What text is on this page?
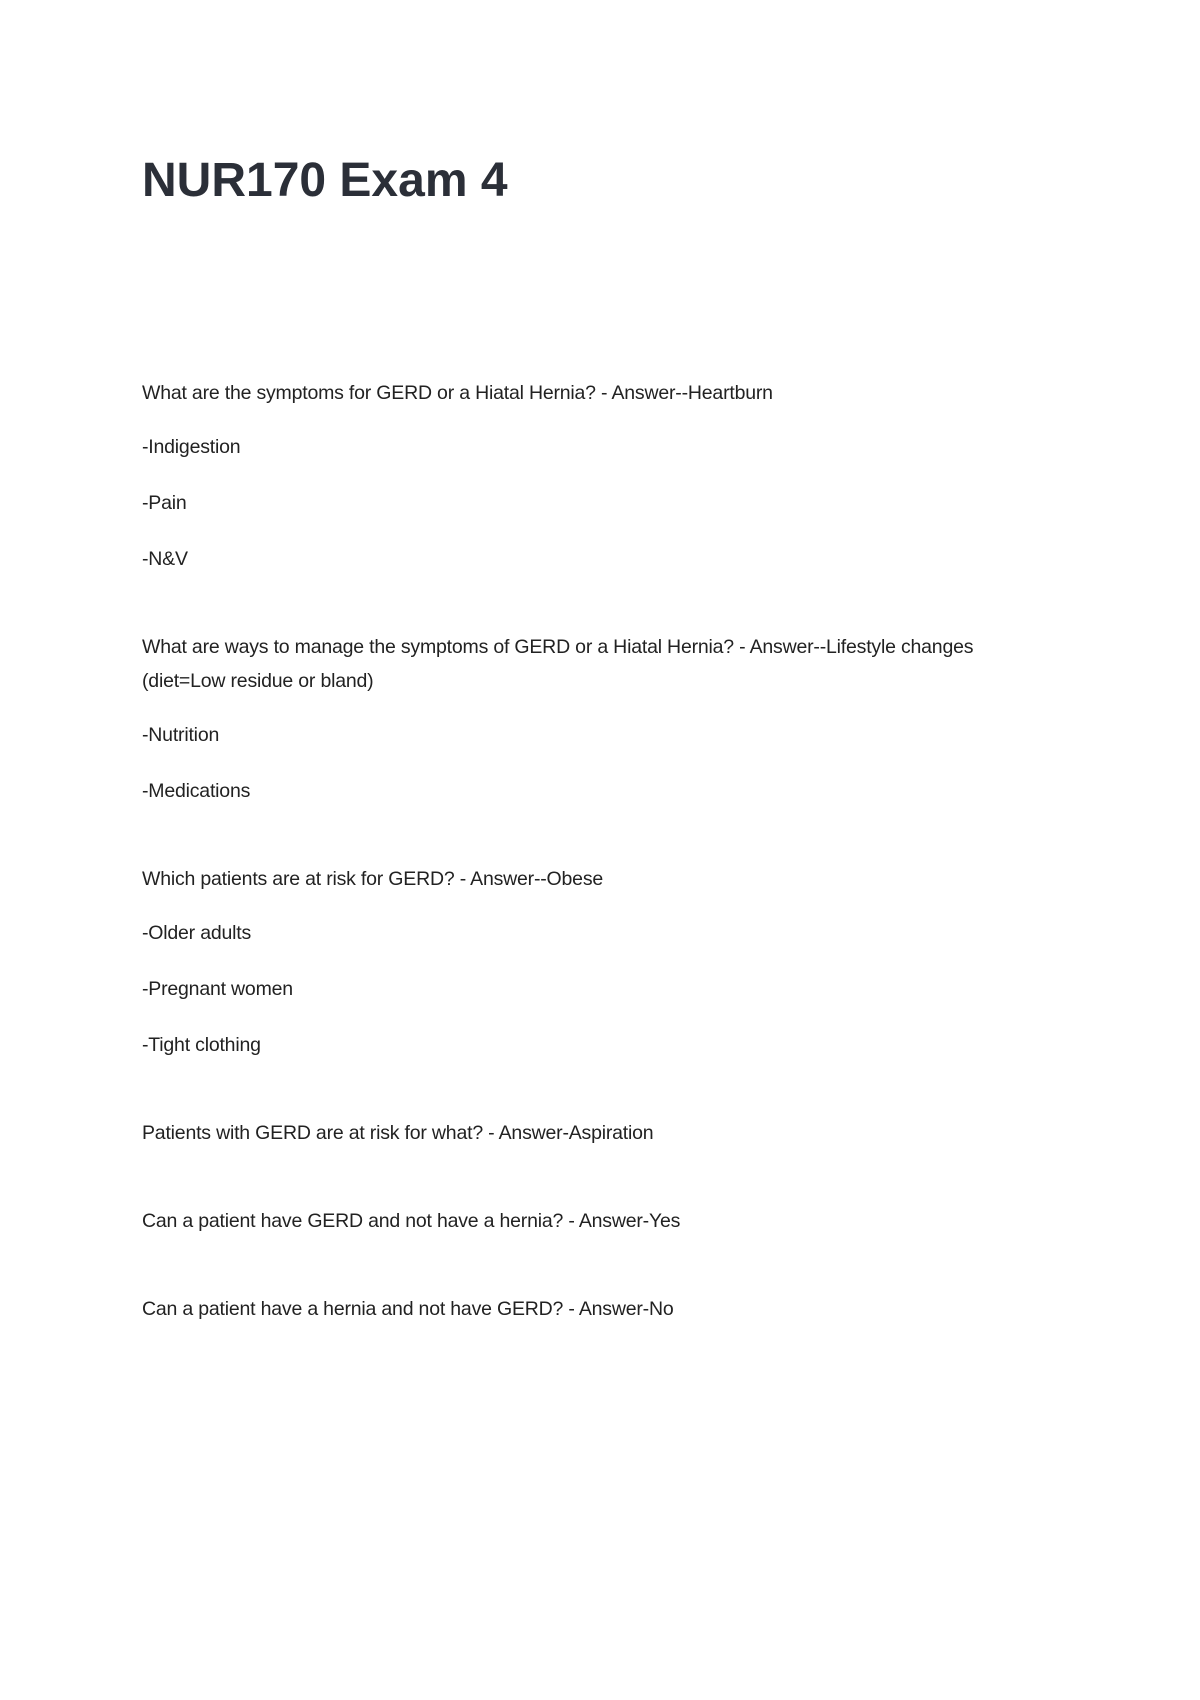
NUR170 Exam 4
What are the symptoms for GERD or a Hiatal Hernia? - Answer--Heartburn
-Indigestion
-Pain
-N&V
What are ways to manage the symptoms of GERD or a Hiatal Hernia? - Answer--Lifestyle changes (diet=Low residue or bland)
-Nutrition
-Medications
Which patients are at risk for GERD? - Answer--Obese
-Older adults
-Pregnant women
-Tight clothing
Patients with GERD are at risk for what? - Answer-Aspiration
Can a patient have GERD and not have a hernia? - Answer-Yes
Can a patient have a hernia and not have GERD? - Answer-No
